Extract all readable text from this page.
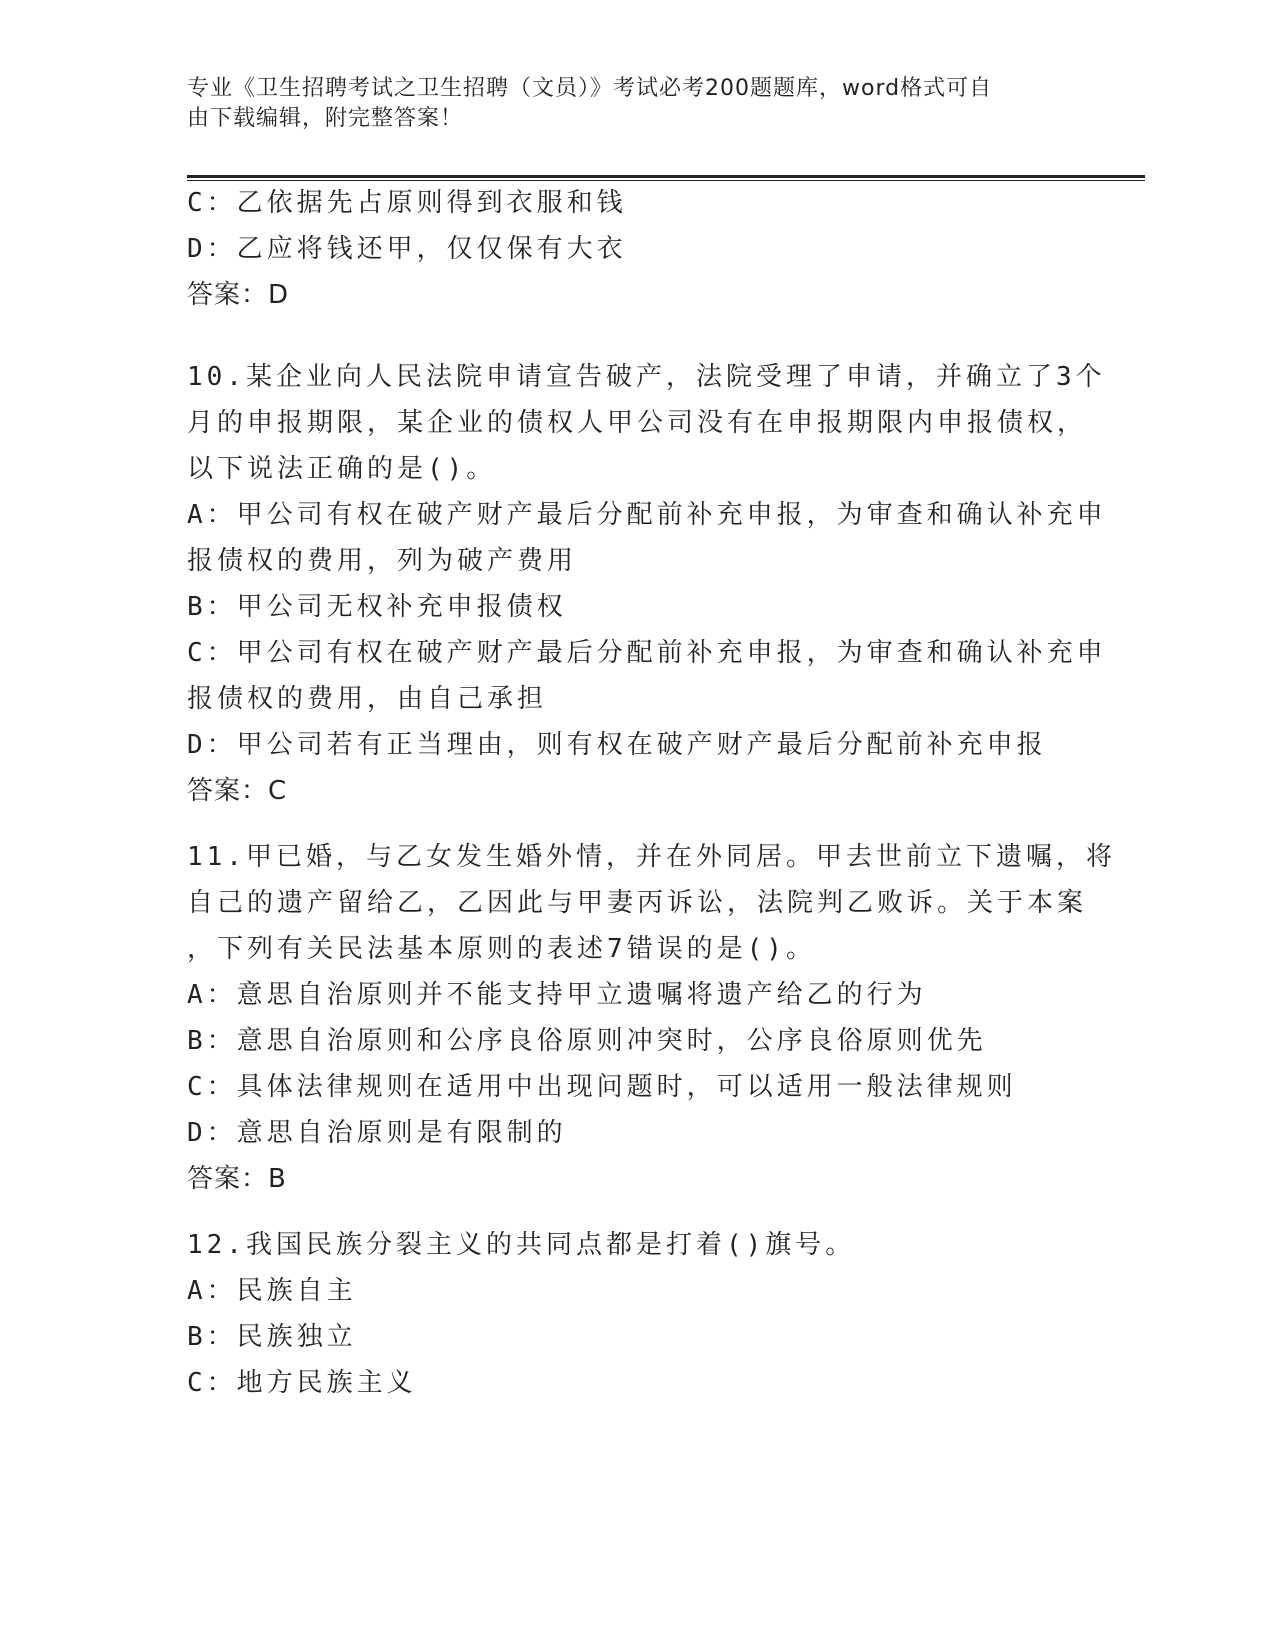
专业《卫生招聘考试之卫生招聘（文员）》考试必考200题题库，word格式可自
由下载编辑，附完整答案！
C：乙依据先占原则得到衣服和钱
D：乙应将钱还甲，仅仅保有大衣
答案：D
10.某企业向人民法院申请宣告破产，法院受理了申请，并确立了3个
月的申报期限，某企业的债权人甲公司没有在申报期限内申报债权，
以下说法正确的是()。
A：甲公司有权在破产财产最后分配前补充申报，为审查和确认补充申
报债权的费用，列为破产费用
B：甲公司无权补充申报债权
C：甲公司有权在破产财产最后分配前补充申报，为审查和确认补充申
报债权的费用，由自己承担
D：甲公司若有正当理由，则有权在破产财产最后分配前补充申报
答案：C
11.甲已婚，与乙女发生婚外情，并在外同居。甲去世前立下遗嘱，将
自己的遗产留给乙，乙因此与甲妻丙诉讼，法院判乙败诉。关于本案
，下列有关民法基本原则的表述7错误的是()。
A：意思自治原则并不能支持甲立遗嘱将遗产给乙的行为
B：意思自治原则和公序良俗原则冲突时，公序良俗原则优先
C：具体法律规则在适用中出现问题时，可以适用一般法律规则
D：意思自治原则是有限制的
答案：B
12.我国民族分裂主义的共同点都是打着()旗号。
A：民族自主
B：民族独立
C：地方民族主义
